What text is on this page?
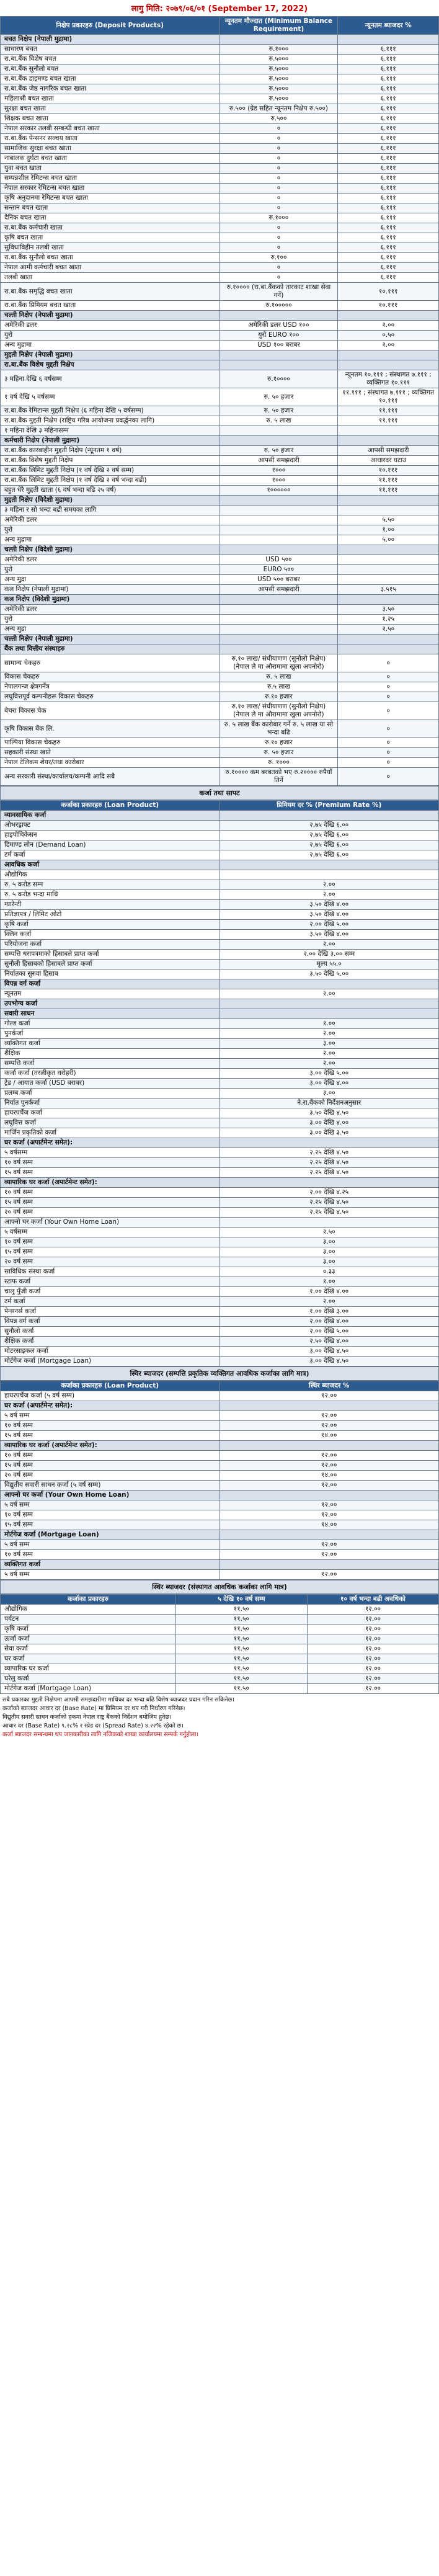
लागु मिति: २०७९/०६/०१ (September 17, 2022)
निक्षेप प्रकारहरु (Deposit Products)	न्यूनतम मौज्दात (Minimum Balance Requirement)	न्यूनतम ब्याजदर %
बचत निक्षेप (नेपाली मुद्रामा)		
साधारण बचत	रु.१०००	६.१११
रा.बा.बैंक विशेष बचत	रु.५०००	६.१११
रा.बा.बैंक सुनौलो बचत	रु.५०००	६.१११
रा.बा.बैंक डाइमण्ड बचत खाता	रु.५०००	६.१११
रा.बा.बैंक जेष्ठ नागरिक बचत खाता	रु.५०००	६.१११
महिलाश्री बचत खाता	रु.५०००	६.१११
सुरक्षा बचत खाता	रु.५०० (ग्रेड सहित न्यूनतम निक्षेप रु.५००)	६.१११
शिक्षक बचत खाता	रु.५००	६.१११
नेपाल सरकार तलबी सम्बन्धी बचत खाता	०	६.१११
रा.बा.बैंक पेन्सनर सञ्चय खाता	०	६.१११
सामाजिक सुरक्षा बचत खाता	०	६.१११
नाबालक दुर्घटा बचत खाता	०	६.१११
युवा बचत खाता	०	६.१११
सम्पन्नशील रेमिटन्स बचत खाता	०	६.१११
नेपाल सरकार रेमिटन्स बचत खाता	०	६.१११
कृषि अनुदानमा रेमिटन्स बचत खाता	०	६.१११
सन्तान बचत खाता	०	६.१११
दैनिक बचत खाता	रु.१०००	६.१११
रा.बा.बैंक कर्मचारी खाता	०	६.१११
कृषि बचत खाता	०	६.१११
सुविधाविहीन तलबी खाता	०	६.१११
रा.बा.बैंक सुनौलो बचत खाता	रु.१००	६.१११
नेपाल आमी कर्मचारी बचत खाता	०	६.१११
तलबी खाता	०	६.१११
रा.बा.बैंक समृद्धि बचत खाता	रु.१०००० (रा.बा.बैंकको तारकाट शाखा सेवा गर्ने)	१०.१११
रा.बा.बैंक प्रिमियम बचत खाता	रु.१०००००	१०.१११
चल्ती निक्षेप (नेपाली मुद्रामा)		
अमेरिकी डलर	अमेरिकी डलर USD १००	२.००
युरो	युरो EURO १००	०.५०
अन्य मुद्रामा	USD १०० बराबर	२.००
मुद्दती निक्षेप (नेपाली मुद्रामा)		
रा.बा.बैंक विशेष मुद्दती निक्षेप		
३ महिना देखि ६ वर्षसम्म	रु.१००००	न्यूनतम १०.१११ ; संस्थागत ७.१११ ; व्यक्तिगत १०.१११
१ वर्ष देखि ५ वर्षसम्म	रु. ५० हजार	११.१११ ; संस्थागत ७.१११ ; व्यक्तिगत १०.१११
रा.बा.बैंक रेमिटान्स मुद्दती निक्षेप (६ महिना देखि ५ वर्षसम्म)	रु. ५० हजार	११.१११
रा.बा.बैंक मुद्दती निक्षेप (राष्ट्रिय गरिब आयोजना प्रवर्द्धनका लागि)	रु. ५ लाख	११.१११
१ महिना देखि ३ महिनासम्म		
कर्मचारी निक्षेप (नेपाली मुद्रामा)		
रा.बा.बैंक कारबाहीन मुद्दती निक्षेप (न्यूनतम १ वर्ष)	रु. ५० हजार	आपसी समझदारी
रा.बा.बैंक विशेष मुद्दती निक्षेप	आपसी समझदारी	आधारदर घटाउ
रा.बा.बैंक लिमिट मुद्दती निक्षेप (१ वर्ष देखि २ वर्ष सम्म)	१०००	१०.१११
रा.बा.बैंक लिमिट मुद्दती निक्षेप (१ वर्ष देखि २ वर्ष भन्दा बढी)	१०००	११.१११
बहुत धेरै मुद्दती खाता (६ वर्ष भन्दा बढि २५ वर्ष)	१००००००	११.१११
मुद्दती निक्षेप (विदेशी मुद्रामा)		
३ महिना र सो भन्दा बढी समयका लागि		
अमेरिकी डलर		५.५०
युरो		१.००
अन्य मुद्रामा		५.००
चल्ती निक्षेप (विदेशी मुद्रामा)		
अमेरिकी डलर	USD ५००	
युरो	EURO ५००	
अन्य मुद्रा	USD ५०० बराबर	
कल निक्षेप (नेपाली मुद्रामा)	आपसी समझदारी	३.५१५
कल निक्षेप (विदेशी मुद्रामा)		
अमेरिकी डलर		३.५०
युरो		१.२५
अन्य मुद्रा		२.५०
चल्ती निक्षेप (नेपाली मुद्रामा)		
बैंक तथा वित्तीय संस्थाहरु		
सामान्य चेकहरु	रु.१० लाख/ संघीयाणण (सुनौलो निक्षेप) (नेपाल ले मा औरामामा खुला अपनोरो)	०
विकास चेकहरु	रु. ५ लाख	०
नेपालगन्ज क्षेत्रगर्नेत्र	रु.५ लाख	०
लघुवित्तपूर्व कम्पनीहरू विकास चेकहरु	रु.१० हजार	०
बेचरा विकास चेक	रु.१० लाख/ संघीयाणण (सुनौलो निक्षेप) (नेपाल ले मा औरामामा खुला अपनोरो)	०
कृषि विकास बैंक लि.	रु. ५ लाख बैंक कारोबार गर्ने रु. ५ लाख या सो भन्दा बढि	०
पाल्पिया विकास चेकहरु	रु.१० हजार	०
सहकारी संस्था खाते	रु. ५० हजार	०
नेपाल टेलिकम शेयर/तथा कारोबार	रु. १०००	०
अन्य सरकारी संस्था/कार्यालय/कम्पनी आदि सबै	रु.१०००० कम बरबतको भए रु.२०००० रुपैयाँ तिर्ने	०
कर्जा तथा सापट
कर्जाका प्रकारहरु (Loan Product)	प्रिमियम दर % (Premium Rate %)
व्यावसायिक कर्जा	
ओभरड्राफ्ट	२.७५ देखि ६.००
हाइपोथिकेसन	२.७५ देखि ६.००
डिमाण्ड लोन (Demand Loan)	२.७५ देखि ६.००
टर्म कर्जा	२.७५ देखि ६.००
आवधिक कर्जा	
औद्योगिक	
रु. ५ करोड सम्म	२.००
रु. ५ करोड भन्दा माथि	२.००
ग्यारेन्टी	३.५० देखि ४.००
प्रतिज्ञापत्र / लिमिट ओटो	३.५० देखि ४.००
कृषि कर्जा	२.०० देखि ५.००
क्लिन कर्जा	३.५० देखि ४.००
परियोजना कर्जा	२.००
सम्पत्ति धरापत्रमाको हिसाबले प्राप्त कर्जा	२.०० देखि ३.०० सम्म
सुनौली हिसाबको हिसाबले प्राप्त कर्जा	मूल्य ५५.०
निर्यातका सुरुवा हिसाब	३.५० देखि ५.००
विपन्न वर्ग कर्जा	
न्यूनतम	२.००
उपभोग्य कर्जा	
सवारी साधन	
गोल्ड कर्जा	१.००
पुनर्कर्जा	२.००
व्यक्तिगत कर्जा	३.००
शैक्षिक	२.००
सम्पत्ति कर्जा	२.००
कर्जा कर्जा (तरलीकृत धरोहरी)	३.०० देखि ५.००
ट्रेड / आयात कर्जा (USD बराबर)	३.०० देखि ४.००
प्रलम्ब कर्जा	३.००
निर्यात पुनर्कर्जा	ने.रा.बैंकको निर्देशनअनुसार
हायरपर्चेज कर्जा	३.५० देखि ४.५०
लघुवित्त कर्जा	३.०० देखि ४.००
मार्जिन प्रकृतिको कर्जा	३.०० देखि ३.५०
घर कर्जा (अपार्टमेन्ट समेत):	
५ वर्षसम्म	२.२५ देखि ४.५०
१० वर्ष सम्म	२.२५ देखि ४.५०
१५ वर्ष सम्म	२.२५ देखि ४.५०
व्यापारिक घर कर्जा (अपार्टमेन्ट समेत):	
१० वर्ष सम्म	२.०० देखि ४.२५
१५ वर्ष सम्म	२.२५ देखि ४.५०
२० वर्ष सम्म	२.२५ देखि ४.५०
आफ्नो घर कर्जा (Your Own Home Loan)	
५ वर्षसम्म	२.५०
१० वर्ष सम्म	३.००
१५ वर्ष सम्म	३.००
२० वर्ष सम्म	३.००
साविधिक संस्था कर्जा	०.३३
स्टाफ कर्जा	१.००
चालु पुँजी कर्जा	१.०० देखि ४.००
टर्म कर्जा	२.००
पेन्सनर्स कर्जा	१.०० देखि ३.००
विपन्न वर्ग कर्जा	२.०० देखि ४.००
सुनौलो कर्जा	२.०० देखि ५.००
शैक्षिक कर्जा	२.५० देखि ४.००
मोटरसाइकल कर्जा	३.०० देखि ४.५०
मोर्टगेज कर्जा (Mortgage Loan)	३.०० देखि ४.५०
स्थिर ब्याजदर (सम्पत्ति प्रकृतिक व्यक्तिगत आवधिक कर्जाका लागि मात्र)
कर्जाका प्रकारहरु (Loan Product)	स्थिर ब्याजदर %
हायरपर्चेज कर्जा (५ वर्ष सम्म)	१२.००
घर कर्जा (अपार्टमेन्ट समेत):	
५ वर्ष सम्म	१२.००
१० वर्ष सम्म	१२.००
१५ वर्ष सम्म	१४.००
व्यापारिक घर कर्जा (अपार्टमेन्ट समेत):	
१० वर्ष सम्म	१२.००
१५ वर्ष सम्म	१२.००
२० वर्ष सम्म	१४.००
विद्युतीय सवारी साधन कर्जा (५ वर्ष सम्म)	१२.००
आफ्नो घर कर्जा (Your Own Home Loan)	
५ वर्ष सम्म	१२.००
१० वर्ष सम्म	१२.००
१५ वर्ष सम्म	१४.००
मोर्टगेज कर्जा (Mortgage Loan)	
५ वर्ष सम्म	१२.००
१० वर्ष सम्म	१२.००
व्यक्तिगत कर्जा	
५ वर्ष सम्म	१२.००
स्थिर ब्याजदर (संस्थागत आवधिक कर्जाका लागि मात्र)
कर्जाका प्रकारहरु	५ देखि १० वर्ष सम्म	१० वर्ष भन्दा बढी अवधिको
औद्योगिक	११.५०	१२.००
पर्यटन	११.५०	१२.००
कृषि कर्जा	११.५०	१२.००
ऊर्जा कर्जा	११.५०	१२.००
सेवा कर्जा	११.५०	१२.००
घर कर्जा	११.५०	१२.००
व्यापारिक घर कर्जा	११.५०	१२.००
घरेलु कर्जा	११.५०	१२.००
मोर्टगेज कर्जा (Mortgage Loan)	११.५०	१२.००
सबै प्रकारका मुद्दती निक्षेपमा आपसी समझदारीमा माथिका दर भन्दा बढि विशेष ब्याजदर प्रदान गरिन सकिनेछ।
कर्जाको ब्याजदर आधार दर (Base Rate) मा प्रिमियम दर थप गरी निर्धारण गरिनेछ।
विद्युतीय सवारी साधन कर्जाको हकमा नेपाल राष्ट्र बैंकको निर्देशन बमोजिम हुनेछ।
आधार दर (Base Rate) ९.२८% र स्प्रेड दर (Spread Rate) ४.२२% रहेको छ।
कर्जा ब्याजदर सम्बन्धमा थप जानकारीका लागि नजिकको शाखा कार्यालयमा सम्पर्क गर्नुहोला।
